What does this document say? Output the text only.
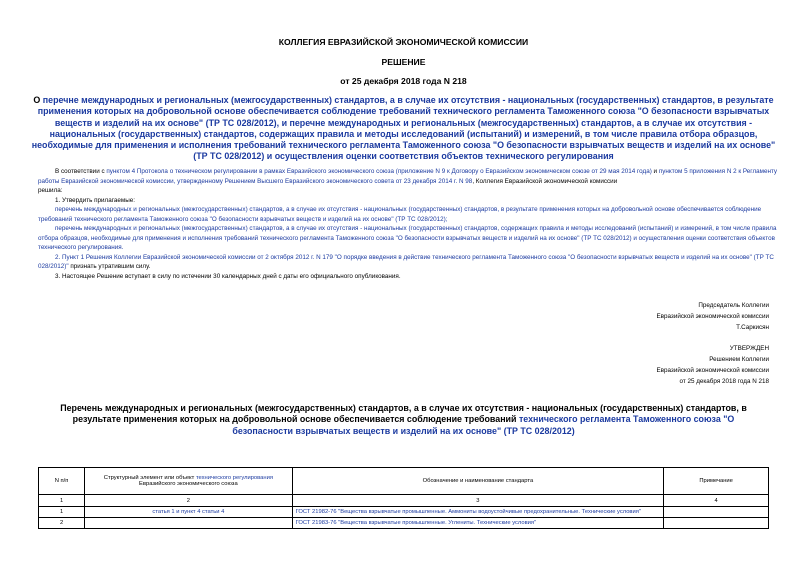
КОЛЛЕГИЯ ЕВРАЗИЙСКОЙ ЭКОНОМИЧЕСКОЙ КОМИССИИ
РЕШЕНИЕ
от 25 декабря 2018 года N 218
О перечне международных и региональных (межгосударственных) стандартов, а в случае их отсутствия - национальных (государственных) стандартов, в результате применения которых на добровольной основе обеспечивается соблюдение требований технического регламента Таможенного союза "О безопасности взрывчатых веществ и изделий на их основе" (ТР ТС 028/2012), и перечне международных и региональных (межгосударственных) стандартов, а в случае их отсутствия - национальных (государственных) стандартов, содержащих правила и методы исследований (испытаний) и измерений, в том числе правила отбора образцов, необходимые для применения и исполнения требований технического регламента Таможенного союза "О безопасности взрывчатых веществ и изделий на их основе" (ТР ТС 028/2012) и осуществления оценки соответствия объектов технического регулирования

В соответствии с пунктом 4 Протокола о техническом регулировании в рамках Евразийского экономического союза (приложение N 9 к Договору о Евразийском экономическом союзе от 29 мая 2014 года) и пунктом 5 приложения N 2 к Регламенту работы Евразийской экономической комиссии, утвержденному Решением Высшего Евразийского экономического совета от 23 декабря 2014 г. N 98, Коллегия Евразийской экономической комиссии

решила:

1. Утвердить прилагаемые:

перечень международных и региональных (межгосударственных) стандартов, а в случае их отсутствия - национальных (государственных) стандартов, в результате применения которых на добровольной основе обеспечивается соблюдение требований технического регламента Таможенного союза "О безопасности взрывчатых веществ и изделий на их основе" (ТР ТС 028/2012);

перечень международных и региональных (межгосударственных) стандартов, а в случае их отсутствия - национальных (государственных) стандартов, содержащих правила и методы исследований (испытаний) и измерений, в том числе правила отбора образцов, необходимые для применения и исполнения требований технического регламента Таможенного союза "О безопасности взрывчатых веществ и изделий на их основе" (ТР ТС 028/2012) и осуществления оценки соответствия объектов технического регулирования.

2. Пункт 1 Решения Коллегии Евразийской экономической комиссии от 2 октября 2012 г. N 179 "О порядке введения в действие технического регламента Таможенного союза "О безопасности взрывчатых веществ и изделий на их основе" (ТР ТС 028/2012)" признать утратившим силу.

3. Настоящее Решение вступает в силу по истечении 30 календарных дней с даты его официального опубликования.

Председатель Коллегии
Евразийской экономической комиссии
Т.Саркисян
УТВЕРЖДЕН
Решением Коллегии
Евразийской экономической комиссии
от 25 декабря 2018 года N 218
Перечень международных и региональных (межгосударственных) стандартов, а в случае их отсутствия - национальных (государственных) стандартов, в результате применения которых на добровольной основе обеспечивается соблюдение требований технического регламента Таможенного союза "О безопасности взрывчатых веществ и изделий на их основе" (ТР ТС 028/2012)
N п/п	Структурный элемент или объект технического регулирования Евразийского экономического союза	Обозначение и наименование стандарта	Примечание
1	2	3	4
1	статья 1 и пункт 4 статьи 4	ГОСТ 21982-76 "Вещества взрывчатые промышленные. Аммониты водоустойчивые предохранительные. Технические условия"	
2		ГОСТ 21983-76 "Вещества взрывчатые промышленные. Углениты. Технические условия"	
